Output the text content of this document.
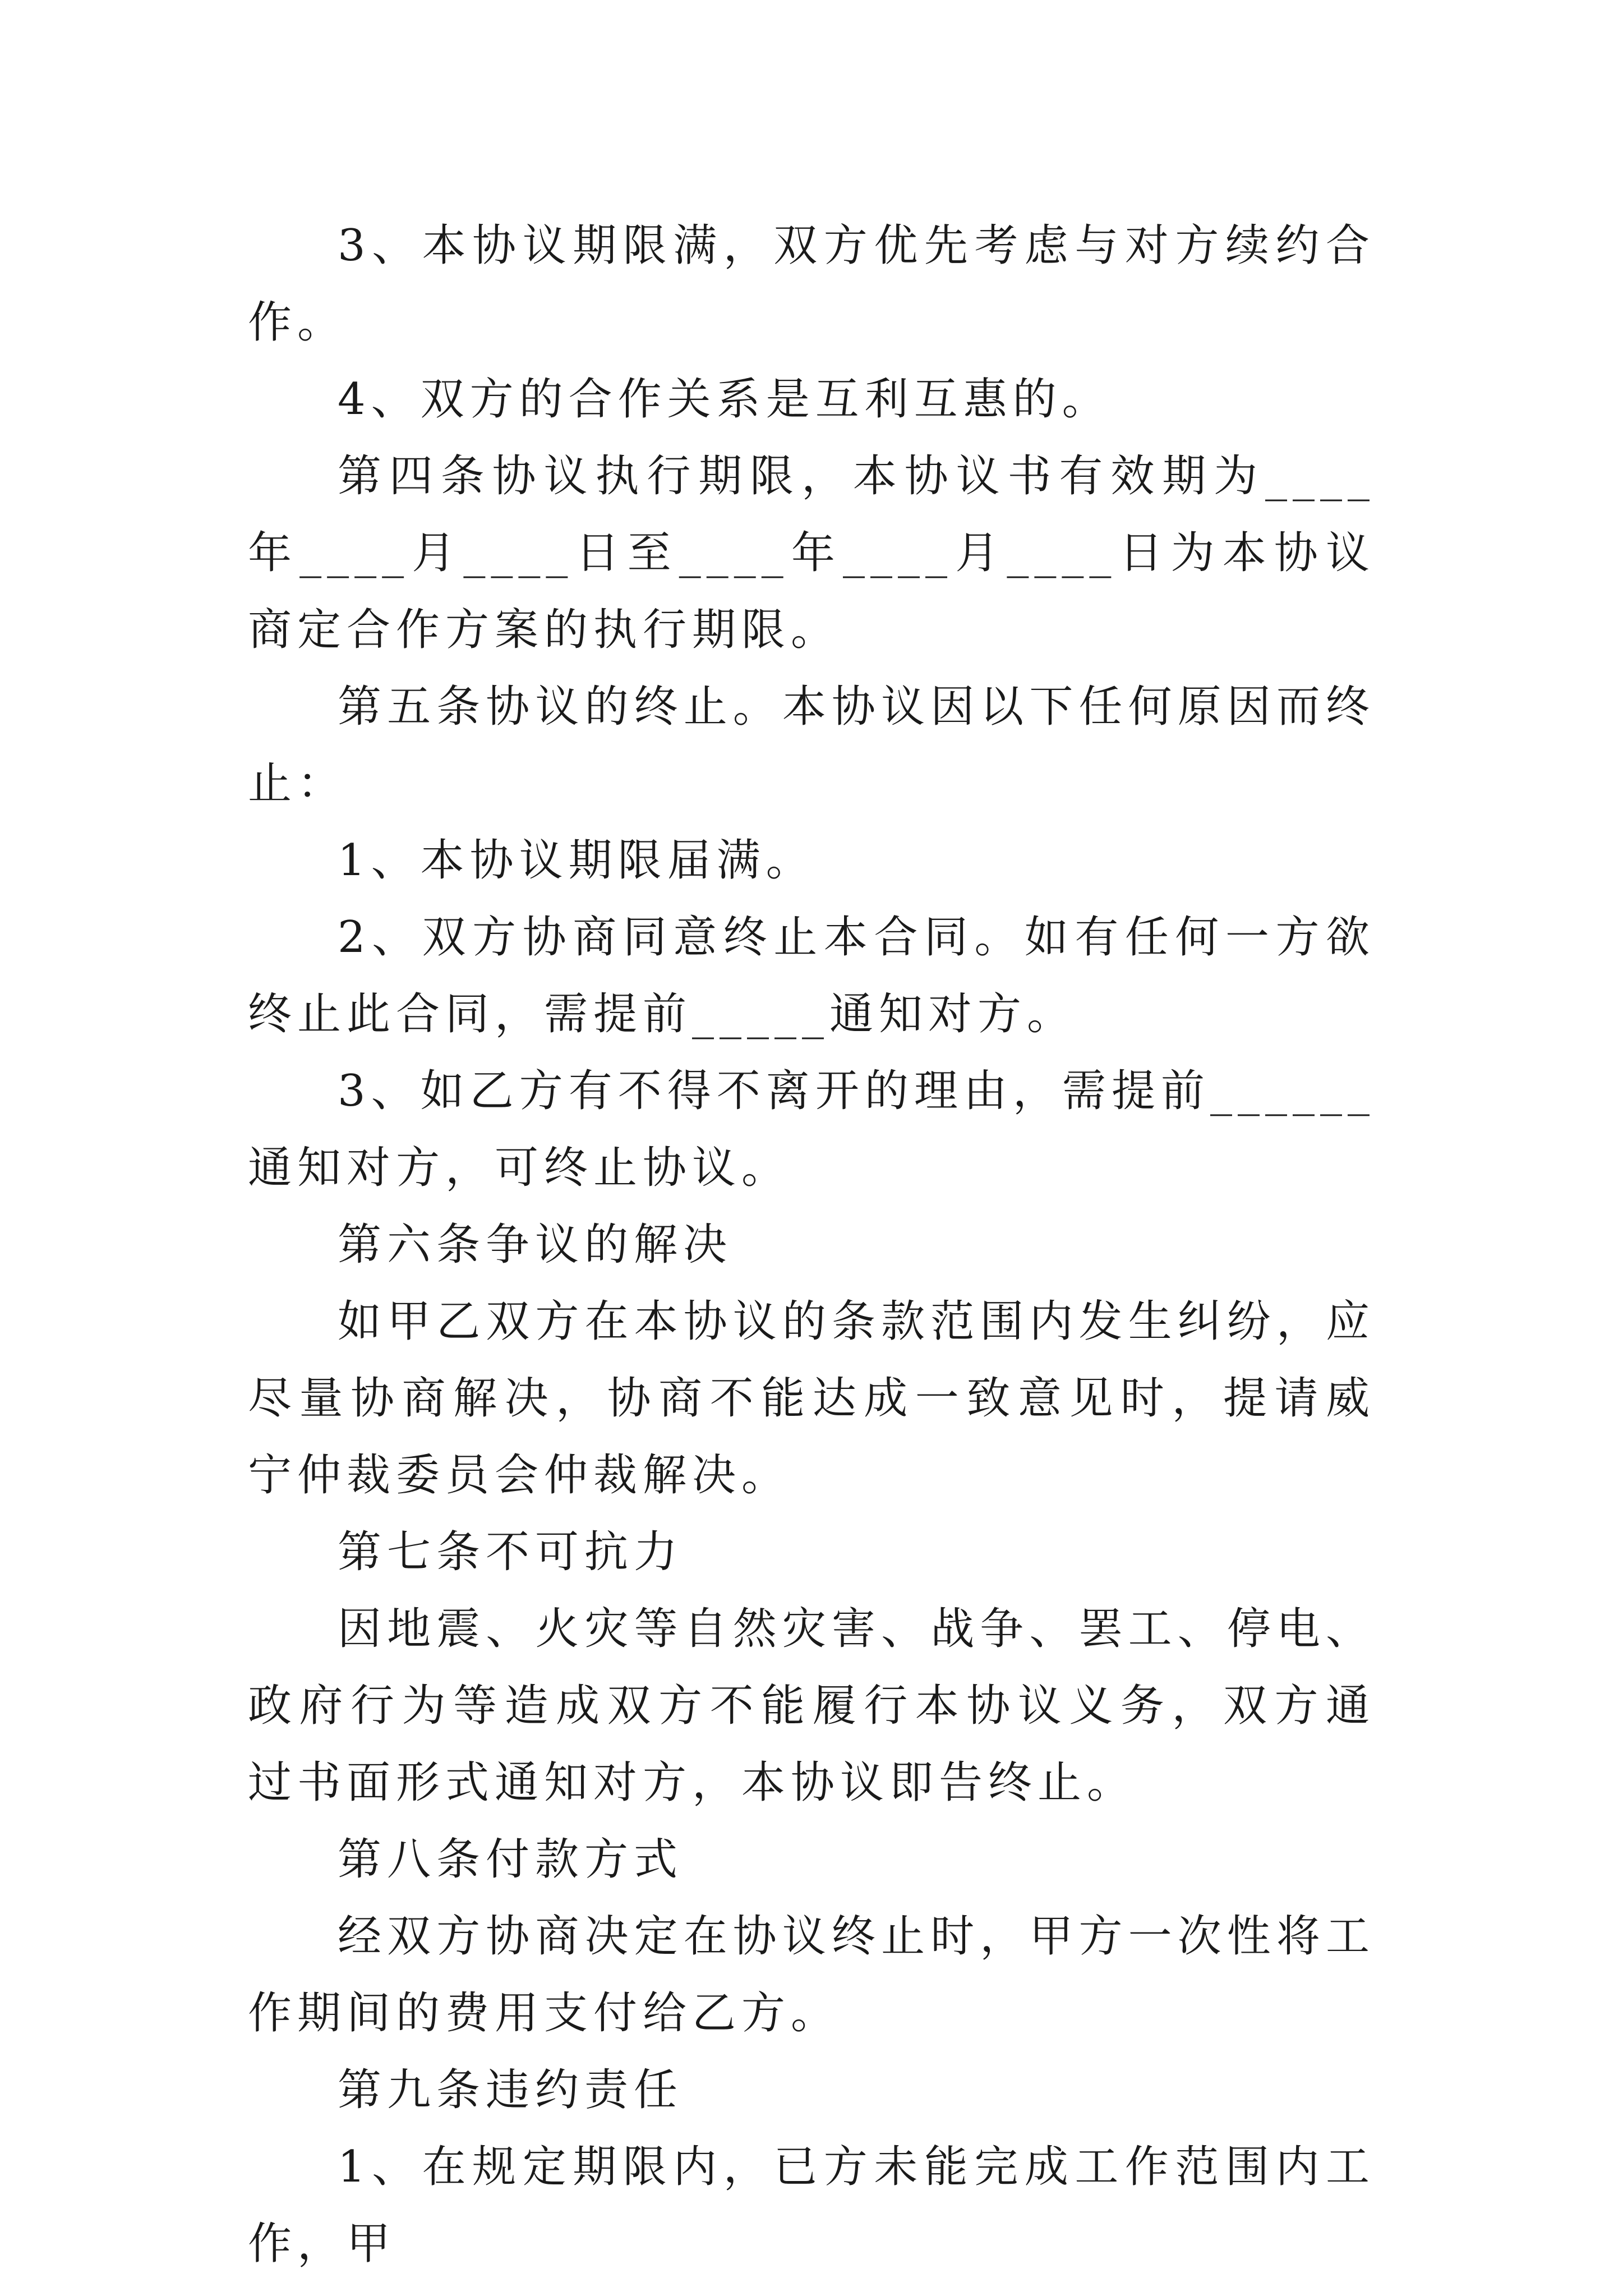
3、本协议期限满，双方优先考虑与对方续约合作。

4、双方的合作关系是互利互惠的。

第四条协议执行期限，本协议书有效期为____年____月____日至____年____月____日为本协议商定合作方案的执行期限。

第五条协议的终止。本协议因以下任何原因而终止：

1、本协议期限届满。

2、双方协商同意终止本合同。如有任何一方欲终止此合同，需提前_____通知对方。

3、如乙方有不得不离开的理由，需提前______通知对方，可终止协议。

第六条争议的解决

如甲乙双方在本协议的条款范围内发生纠纷，应尽量协商解决，协商不能达成一致意见时，提请威宁仲裁委员会仲裁解决。

第七条不可抗力

因地震、火灾等自然灾害、战争、罢工、停电、政府行为等造成双方不能履行本协议义务，双方通过书面形式通知对方，本协议即告终止。

第八条付款方式

经双方协商决定在协议终止时，甲方一次性将工作期间的费用支付给乙方。

第九条违约责任

1、在规定期限内，已方未能完成工作范围内工作，甲
